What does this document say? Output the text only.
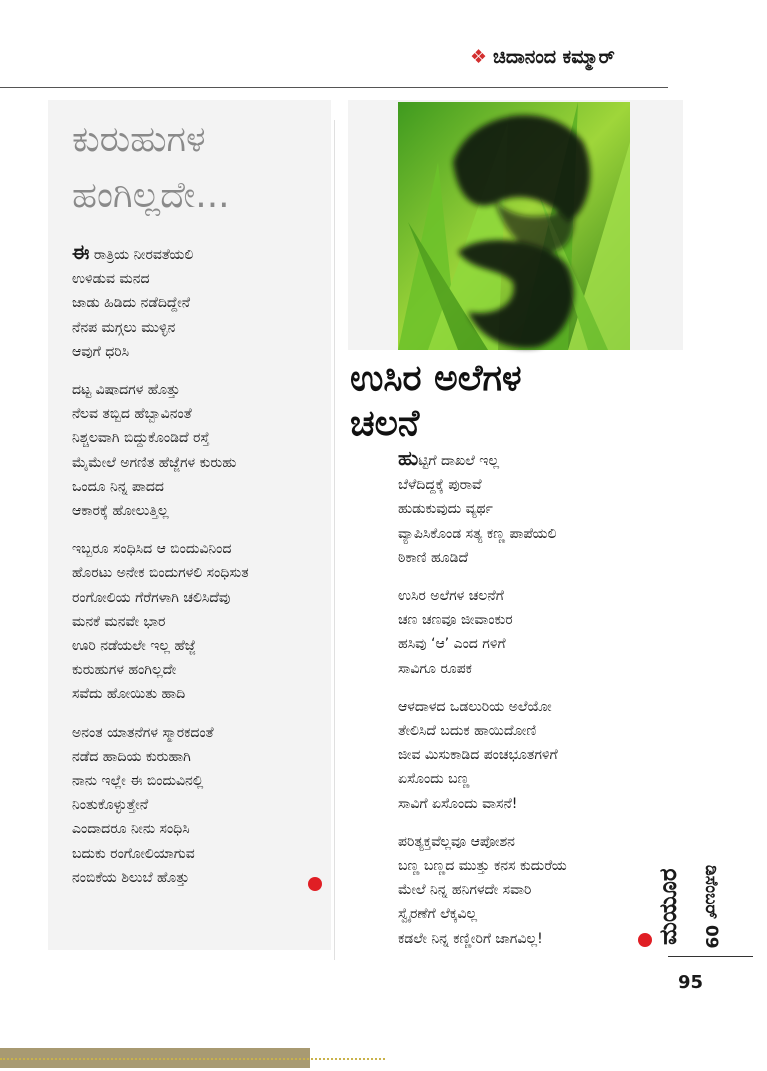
❖ ಚಿದಾನಂದ ಕಮ್ಮಾರ್
ಕುರುಹುಗಳ
ಹಂಗಿಲ್ಲದೇ...
ಈ ರಾತ್ರಿಯ ನೀರವತೆಯಲಿ
ಉಳಿಡುವ ಮನದ
ಜಾಡು ಹಿಡಿದು ನಡೆದಿದ್ದೇನೆ
ನೆನಪ ಮಗ್ಗಲು ಮುಳ್ಳಿನ
ಆವುಗೆ ಧರಿಸಿ
ದಟ್ಟ ವಿಷಾದಗಳ ಹೊತ್ತು
ನೆಲವ ತಬ್ಬಿದ ಹೆಬ್ಬಾವಿನಂತೆ
ನಿಶ್ಚಲವಾಗಿ ಬಿದ್ದುಕೊಂಡಿದೆ ರಸ್ತೆ
ಮೈಮೇಲೆ ಅಗಣಿತ ಹೆಜ್ಜೆಗಳ ಕುರುಹು
ಒಂದೂ ನಿನ್ನ ಪಾದದ
ಆಕಾರಕ್ಕೆ ಹೋಲುತ್ತಿಲ್ಲ
ಇಬ್ಬರೂ ಸಂಧಿಸಿದ ಆ ಬಿಂದುವಿನಿಂದ
ಹೊರಟು ಅನೇಕ ಬಿಂದುಗಳಲಿ ಸಂಧಿಸುತ
ರಂಗೋಲಿಯ ಗೆರೆಗಳಾಗಿ ಚಲಿಸಿದೆವು
ಮನಕೆ ಮನವೇ ಭಾರ
ಊರಿ ನಡೆಯಲೇ ಇಲ್ಲ ಹೆಜ್ಜೆ
ಕುರುಹುಗಳ ಹಂಗಿಲ್ಲದೇ
ಸವೆದು ಹೋಯಿತು ಹಾದಿ
ಅನಂತ ಯಾತನೆಗಳ ಸ್ಮಾರಕದಂತೆ
ನಡೆದ ಹಾದಿಯ ಕುರುಹಾಗಿ
ನಾನು ಇಲ್ಲೇ ಈ ಬಿಂದುವಿನಲ್ಲಿ
ನಿಂತುಕೊಳ್ಳುತ್ತೇನೆ
ಎಂದಾದರೂ ನೀನು ಸಂಧಿಸಿ
ಬದುಕು ರಂಗೋಲಿಯಾಗುವ
ನಂಬಿಕೆಯ ಶಿಲುಬೆ ಹೊತ್ತು
ಉಸಿರ ಅಲೆಗಳ
ಚಲನೆ
ಹುಟ್ಟಿಗೆ ದಾಖಲೆ ಇಲ್ಲ
ಬೆಳೆದಿದ್ದಕ್ಕೆ ಪುರಾವೆ
ಹುಡುಕುವುದು ವ್ಯರ್ಥ
ವ್ಯಾಪಿಸಿಕೊಂಡ ಸತ್ಯ ಕಣ್ಣ ಪಾಪೆಯಲಿ
ಠಿಕಾಣಿ ಹೂಡಿದೆ
ಉಸಿರ ಅಲೆಗಳ ಚಲನೆಗೆ
ಚಣ ಚಣವೂ ಜೀವಾಂಕುರ
ಹಸಿವು ‘ಆ’ ಎಂದ ಗಳಿಗೆ
ಸಾವಿಗೂ ರೂಪಕ
ಆಳದಾಳದ ಒಡಲುರಿಯ ಅಲೆಯೋ
ತೇಲಿಸಿದೆ ಬದುಕ ಹಾಯಿದೋಣಿ
ಜೀವ ಮಿಸುಕಾಡಿದ ಪಂಚಭೂತಗಳಿಗೆ
ಏಸೊಂದು ಬಣ್ಣ
ಸಾವಿಗೆ ಏಸೊಂದು ವಾಸನೆ!
ಪರಿತ್ಯಕ್ತವೆಲ್ಲವೂ ಆಪೋಶನ
ಬಣ್ಣ ಬಣ್ಣದ ಮುತ್ತು ಕನಸ ಕುದುರೆಯ
ಮೇಲೆ ನಿನ್ನ ಹನಿಗಳದೇ ಸವಾರಿ
ಸ್ವೈರಣೆಗೆ ಲೆಕ್ಕವಿಲ್ಲ
ಕಡಲೇ ನಿನ್ನ ಕಣ್ಣೀರಿಗೆ ಜಾಗವಿಲ್ಲ!	ಡಿಸೆಂಬರ್ 09
ಮಯೂರ
95
